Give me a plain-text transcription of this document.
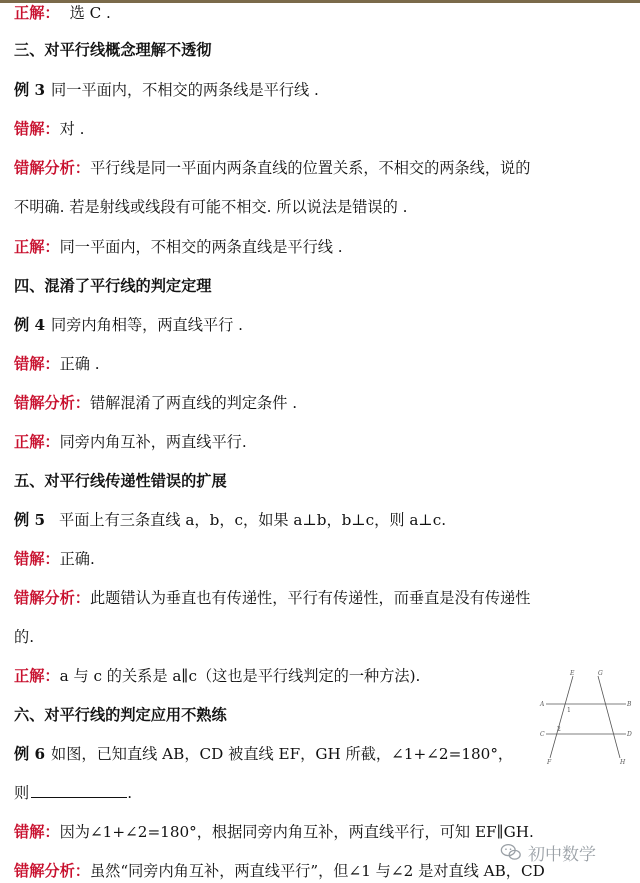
正解： 选 C .
三、对平行线概念理解不透彻
例 3 同一平面内，不相交的两条线是平行线 .
错解：对 .
错解分析：平行线是同一平面内两条直线的位置关系，不相交的两条线，说的
不明确. 若是射线或线段有可能不相交. 所以说法是错误的 .
正解：同一平面内，不相交的两条直线是平行线 .
四、混淆了平行线的判定定理
例 4 同旁内角相等，两直线平行 .
错解：正确 .
错解分析：错解混淆了两直线的判定条件 .
正解：同旁内角互补，两直线平行.
五、对平行线传递性错误的扩展
例 5 平面上有三条直线 a，b，c，如果 a⊥b，b⊥c，则 a⊥c.
错解：正确.
错解分析：此题错认为垂直也有传递性，平行有传递性，而垂直是没有传递性
的.
正解：a 与 c 的关系是 a∥c（这也是平行线判定的一种方法).
六、对平行线的判定应用不熟练
例 6 如图，已知直线 AB，CD 被直线 EF，GH 所截，∠1+∠2=180°，
则	.
错解：因为∠1+∠2=180°，根据同旁内角互补，两直线平行，可知 EF∥GH.
错解分析：虽然“同旁内角互补，两直线平行”，但∠1 与∠2 是对直线 AB，CD
E	G
A	B
C	D
F	H
1
2
初中数学
